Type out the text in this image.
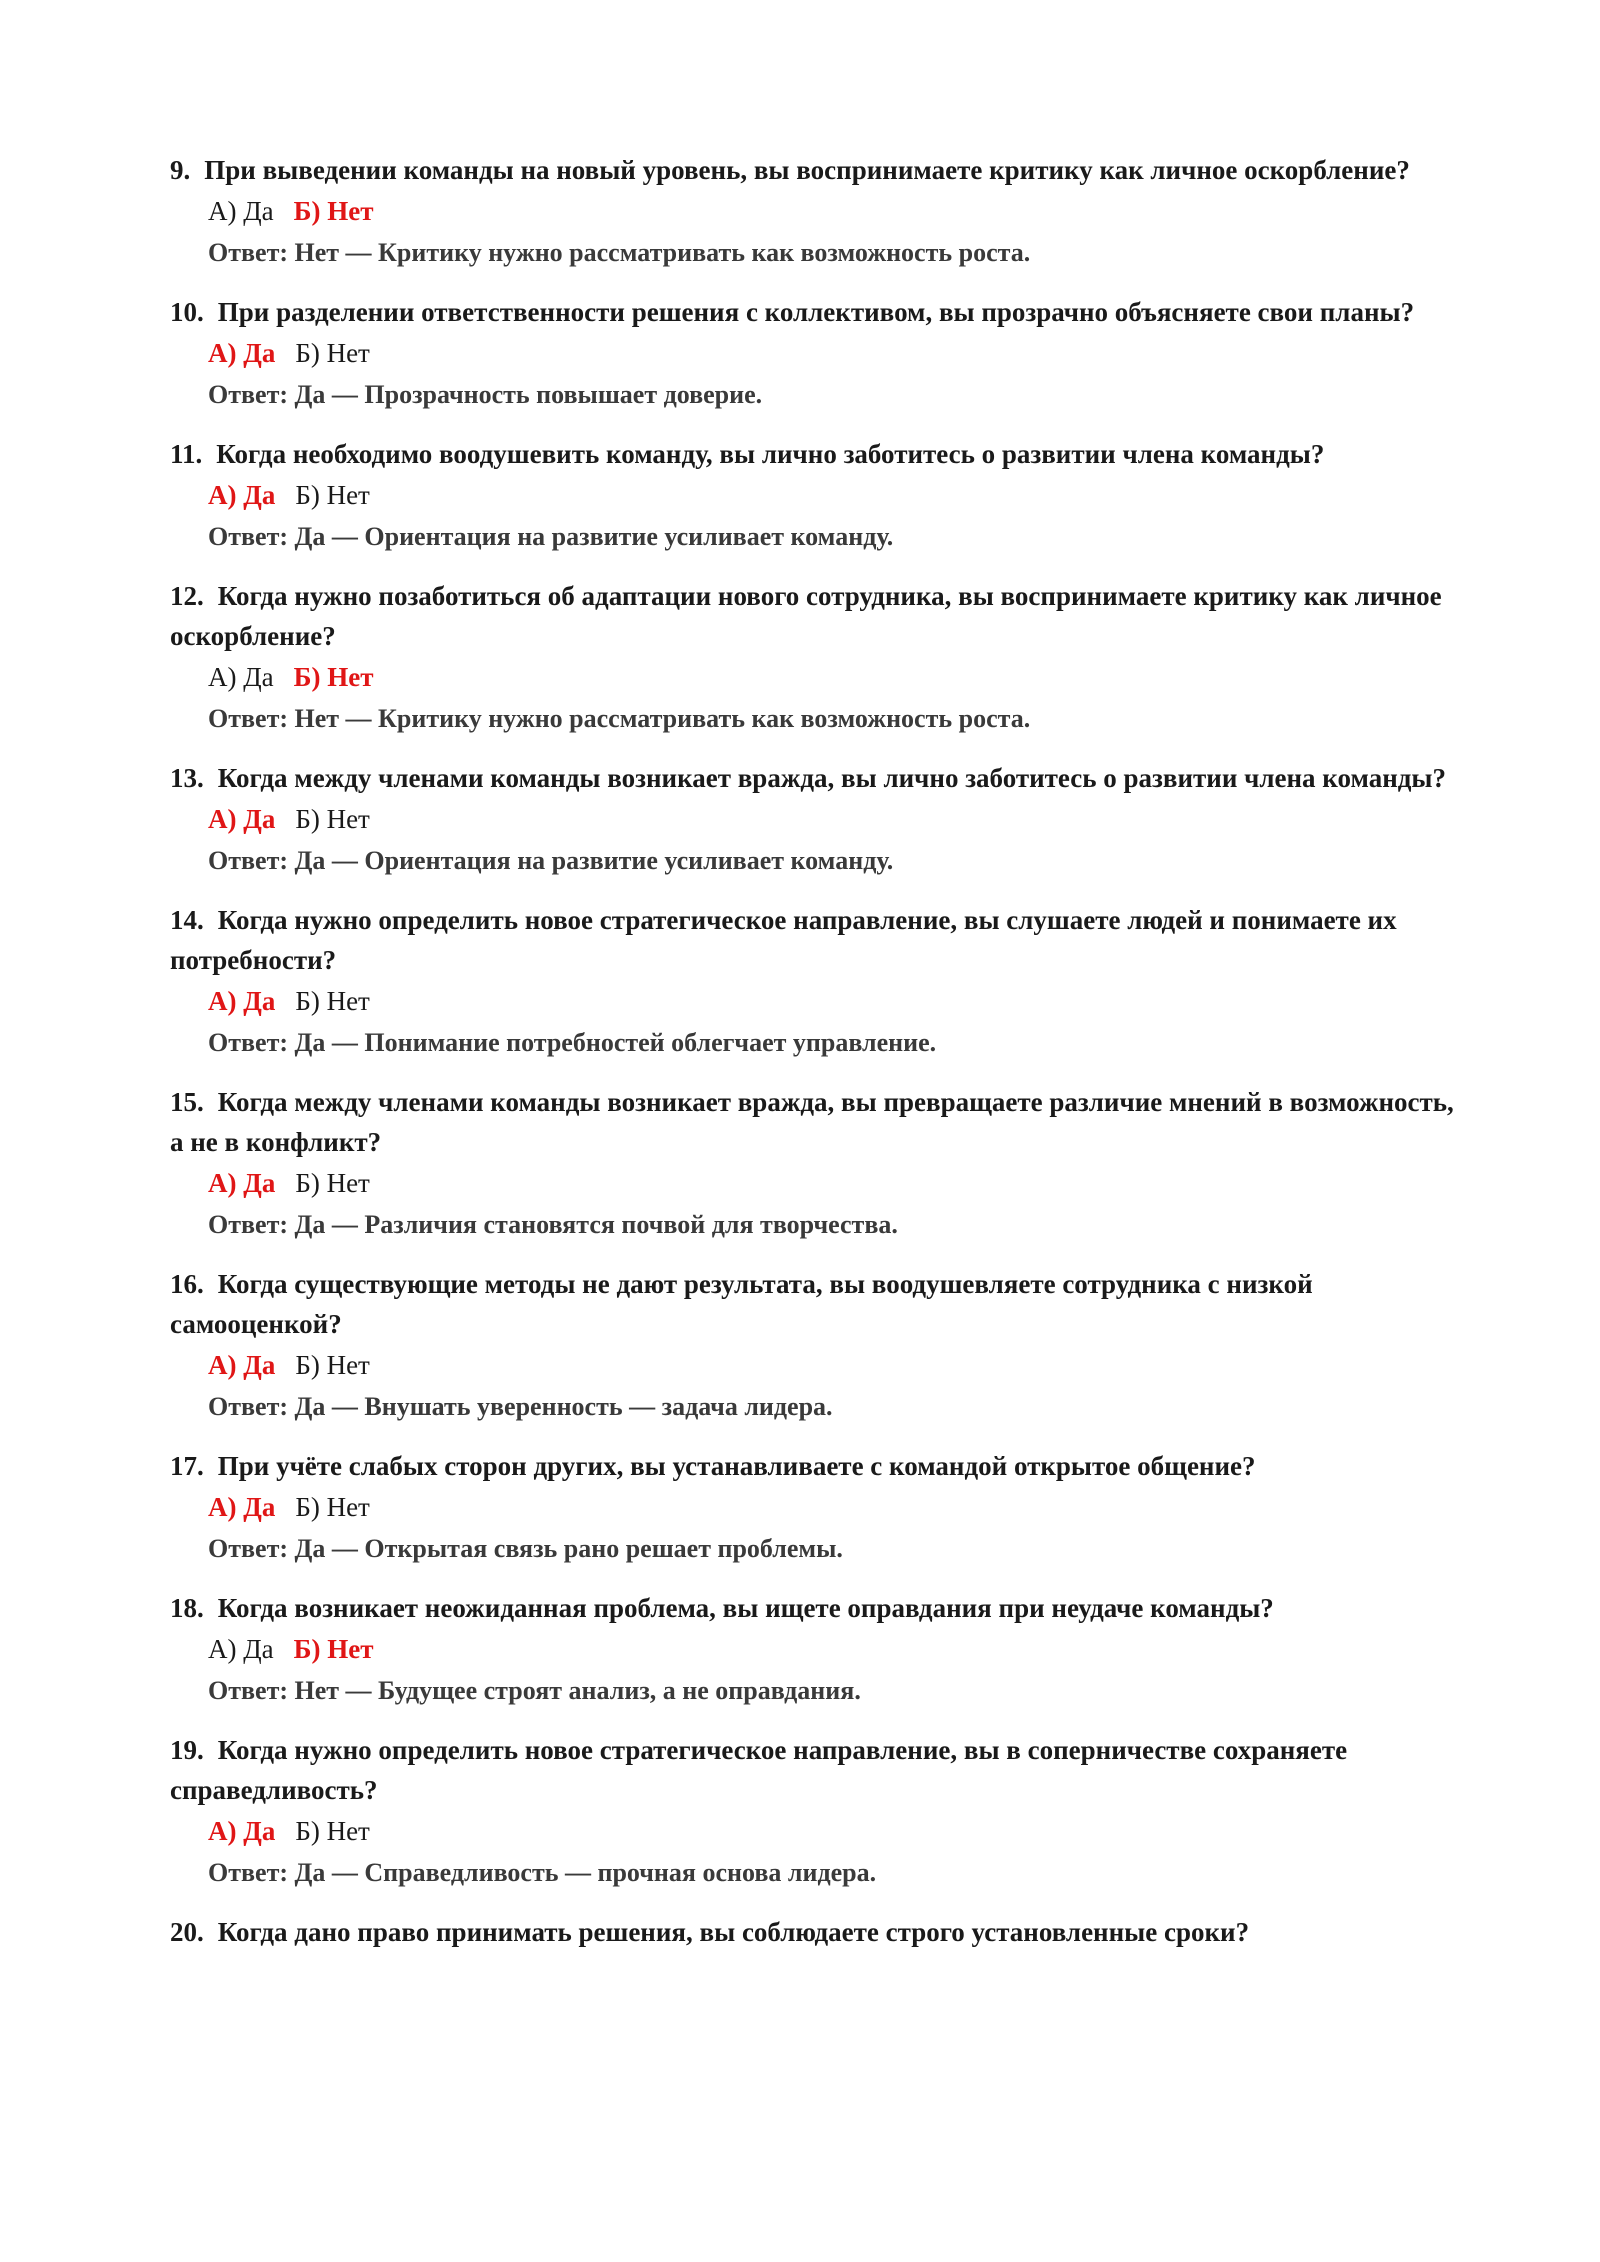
9. При выведении команды на новый уровень, вы воспринимаете критику как личное оскорбление?
А) Да Б) Нет
Ответ: Нет — Критику нужно рассматривать как возможность роста.
10. При разделении ответственности решения с коллективом, вы прозрачно объясняете свои планы?
А) Да Б) Нет
Ответ: Да — Прозрачность повышает доверие.
11. Когда необходимо воодушевить команду, вы лично заботитесь о развитии члена команды?
А) Да Б) Нет
Ответ: Да — Ориентация на развитие усиливает команду.
12. Когда нужно позаботиться об адаптации нового сотрудника, вы воспринимаете критику как личное оскорбление?
А) Да Б) Нет
Ответ: Нет — Критику нужно рассматривать как возможность роста.
13. Когда между членами команды возникает вражда, вы лично заботитесь о развитии члена команды?
А) Да Б) Нет
Ответ: Да — Ориентация на развитие усиливает команду.
14. Когда нужно определить новое стратегическое направление, вы слушаете людей и понимаете их потребности?
А) Да Б) Нет
Ответ: Да — Понимание потребностей облегчает управление.
15. Когда между членами команды возникает вражда, вы превращаете различие мнений в возможность, а не в конфликт?
А) Да Б) Нет
Ответ: Да — Различия становятся почвой для творчества.
16. Когда существующие методы не дают результата, вы воодушевляете сотрудника с низкой самооценкой?
А) Да Б) Нет
Ответ: Да — Внушать уверенность — задача лидера.
17. При учёте слабых сторон других, вы устанавливаете с командой открытое общение?
А) Да Б) Нет
Ответ: Да — Открытая связь рано решает проблемы.
18. Когда возникает неожиданная проблема, вы ищете оправдания при неудаче команды?
А) Да Б) Нет
Ответ: Нет — Будущее строят анализ, а не оправдания.
19. Когда нужно определить новое стратегическое направление, вы в соперничестве сохраняете справедливость?
А) Да Б) Нет
Ответ: Да — Справедливость — прочная основа лидера.
20. Когда дано право принимать решения, вы соблюдаете строго установленные сроки?
